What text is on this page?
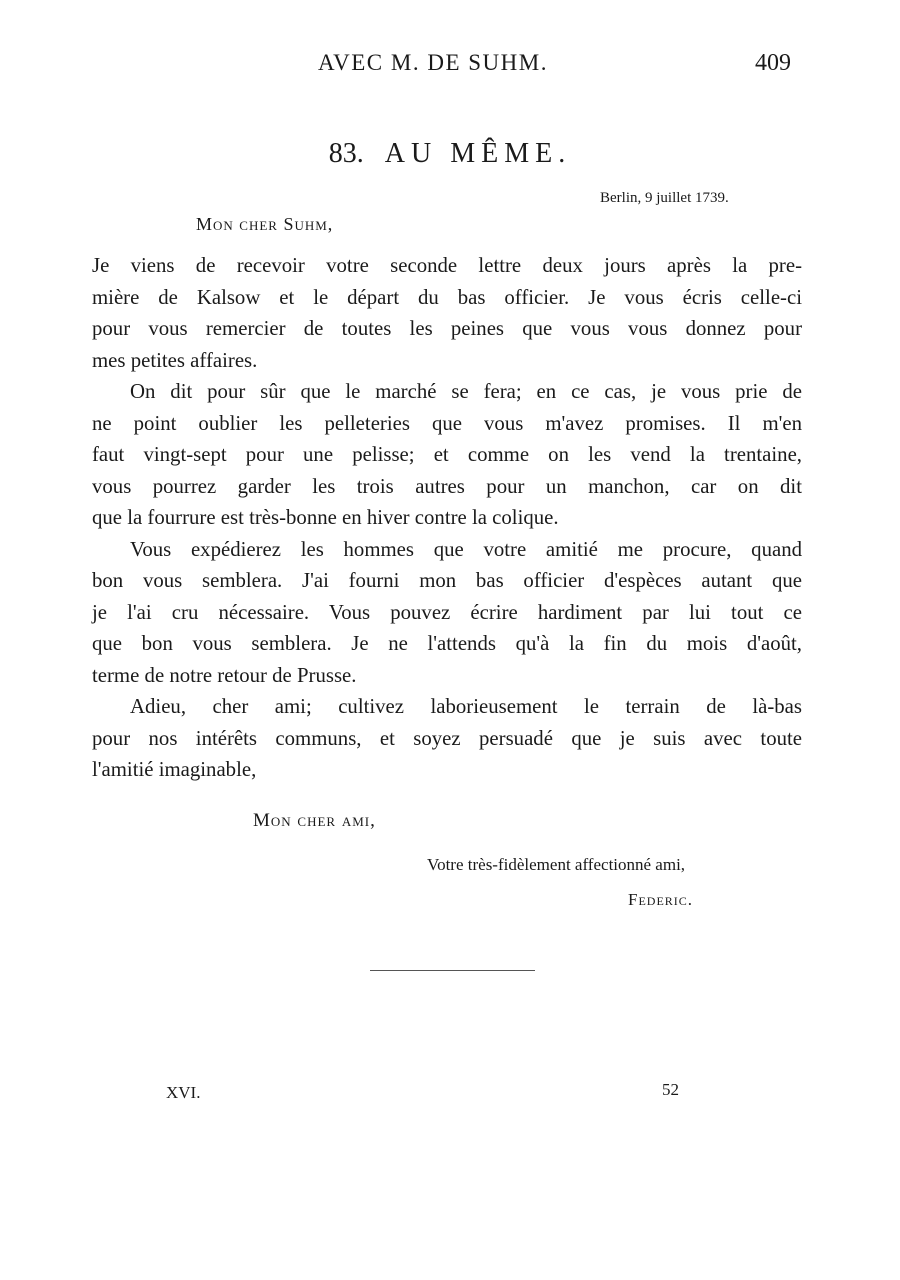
AVEC M. DE SUHM.	409
83. AU MÊME.
Berlin, 9 juillet 1739.
Mon cher Suhm,
Je viens de recevoir votre seconde lettre deux jours après la pre-
mière de Kalsow et le départ du bas officier. Je vous écris celle-ci
pour vous remercier de toutes les peines que vous vous donnez pour
mes petites affaires.
On dit pour sûr que le marché se fera; en ce cas, je vous prie de
ne point oublier les pelleteries que vous m'avez promises. Il m'en
faut vingt-sept pour une pelisse; et comme on les vend la trentaine,
vous pourrez garder les trois autres pour un manchon, car on dit
que la fourrure est très-bonne en hiver contre la colique.
Vous expédierez les hommes que votre amitié me procure, quand
bon vous semblera. J'ai fourni mon bas officier d'espèces autant que
je l'ai cru nécessaire. Vous pouvez écrire hardiment par lui tout ce
que bon vous semblera. Je ne l'attends qu'à la fin du mois d'août,
terme de notre retour de Prusse.
Adieu, cher ami; cultivez laborieusement le terrain de là-bas
pour nos intérêts communs, et soyez persuadé que je suis avec toute
l'amitié imaginable,
Mon cher ami,
Votre très-fidèlement affectionné ami,
Federic.
XVI.	52
